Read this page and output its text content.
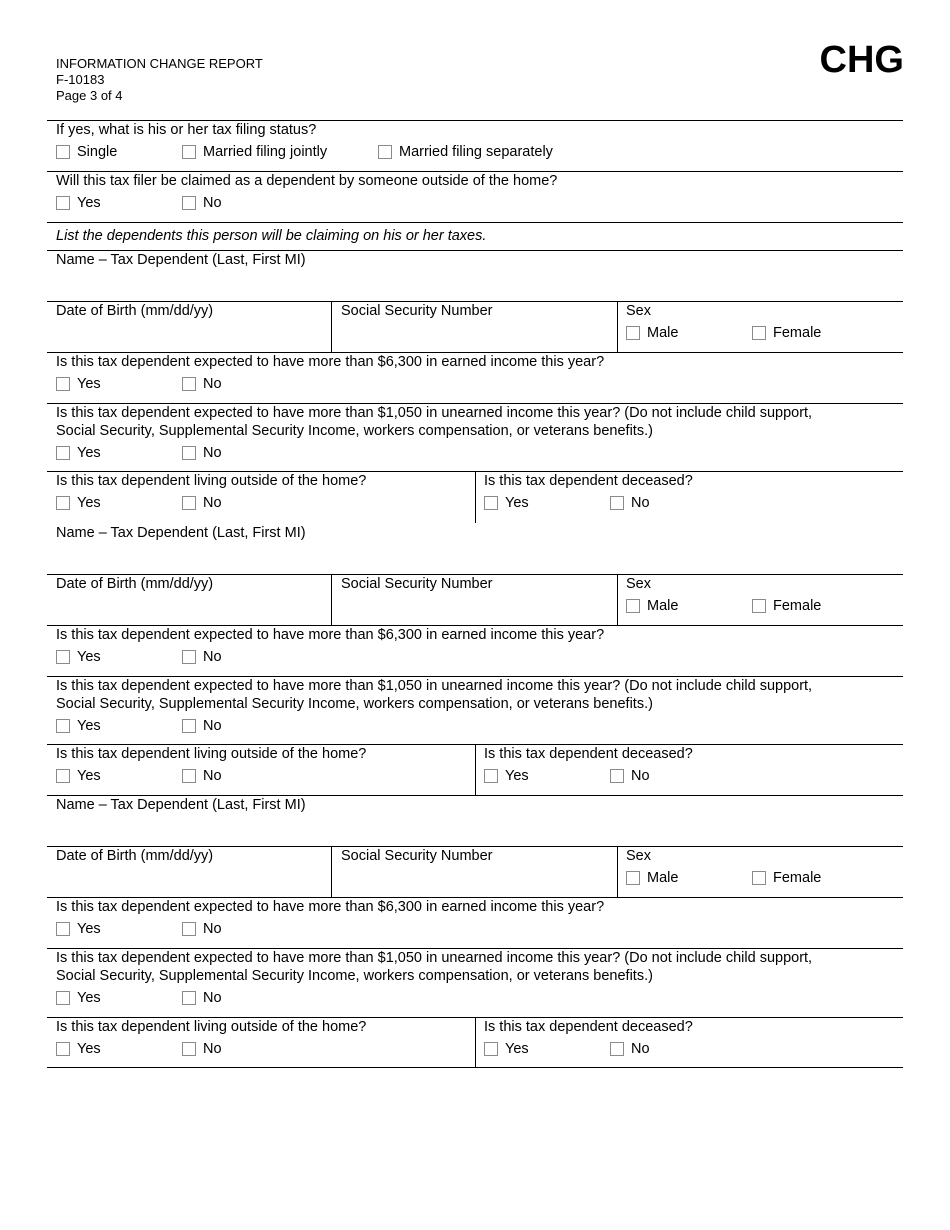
INFORMATION CHANGE REPORT
F-10183
Page 3 of 4
CHG
If yes, what is his or her tax filing status?
Single	Married filing jointly	Married filing separately
Will this tax filer be claimed as a dependent by someone outside of the home?
Yes	No
List the dependents this person will be claiming on his or her taxes.
Name – Tax Dependent (Last, First MI)
Date of Birth (mm/dd/yy)	Social Security Number	Sex
Male	Female
Is this tax dependent expected to have more than $6,300 in earned income this year?
Yes	No
Is this tax dependent expected to have more than $1,050 in unearned income this year? (Do not include child support,
Social Security, Supplemental Security Income, workers compensation, or veterans benefits.)
Yes	No
Is this tax dependent living outside of the home?	Is this tax dependent deceased?
Yes	No	Yes	No
Name – Tax Dependent (Last, First MI)
Date of Birth (mm/dd/yy)	Social Security Number	Sex
Male	Female
Is this tax dependent expected to have more than $6,300 in earned income this year?
Yes	No
Is this tax dependent expected to have more than $1,050 in unearned income this year? (Do not include child support,
Social Security, Supplemental Security Income, workers compensation, or veterans benefits.)
Yes	No
Is this tax dependent living outside of the home?	Is this tax dependent deceased?
Yes	No	Yes	No
Name – Tax Dependent (Last, First MI)
Date of Birth (mm/dd/yy)	Social Security Number	Sex
Male	Female
Is this tax dependent expected to have more than $6,300 in earned income this year?
Yes	No
Is this tax dependent expected to have more than $1,050 in unearned income this year? (Do not include child support,
Social Security, Supplemental Security Income, workers compensation, or veterans benefits.)
Yes	No
Is this tax dependent living outside of the home?	Is this tax dependent deceased?
Yes	No	Yes	No
